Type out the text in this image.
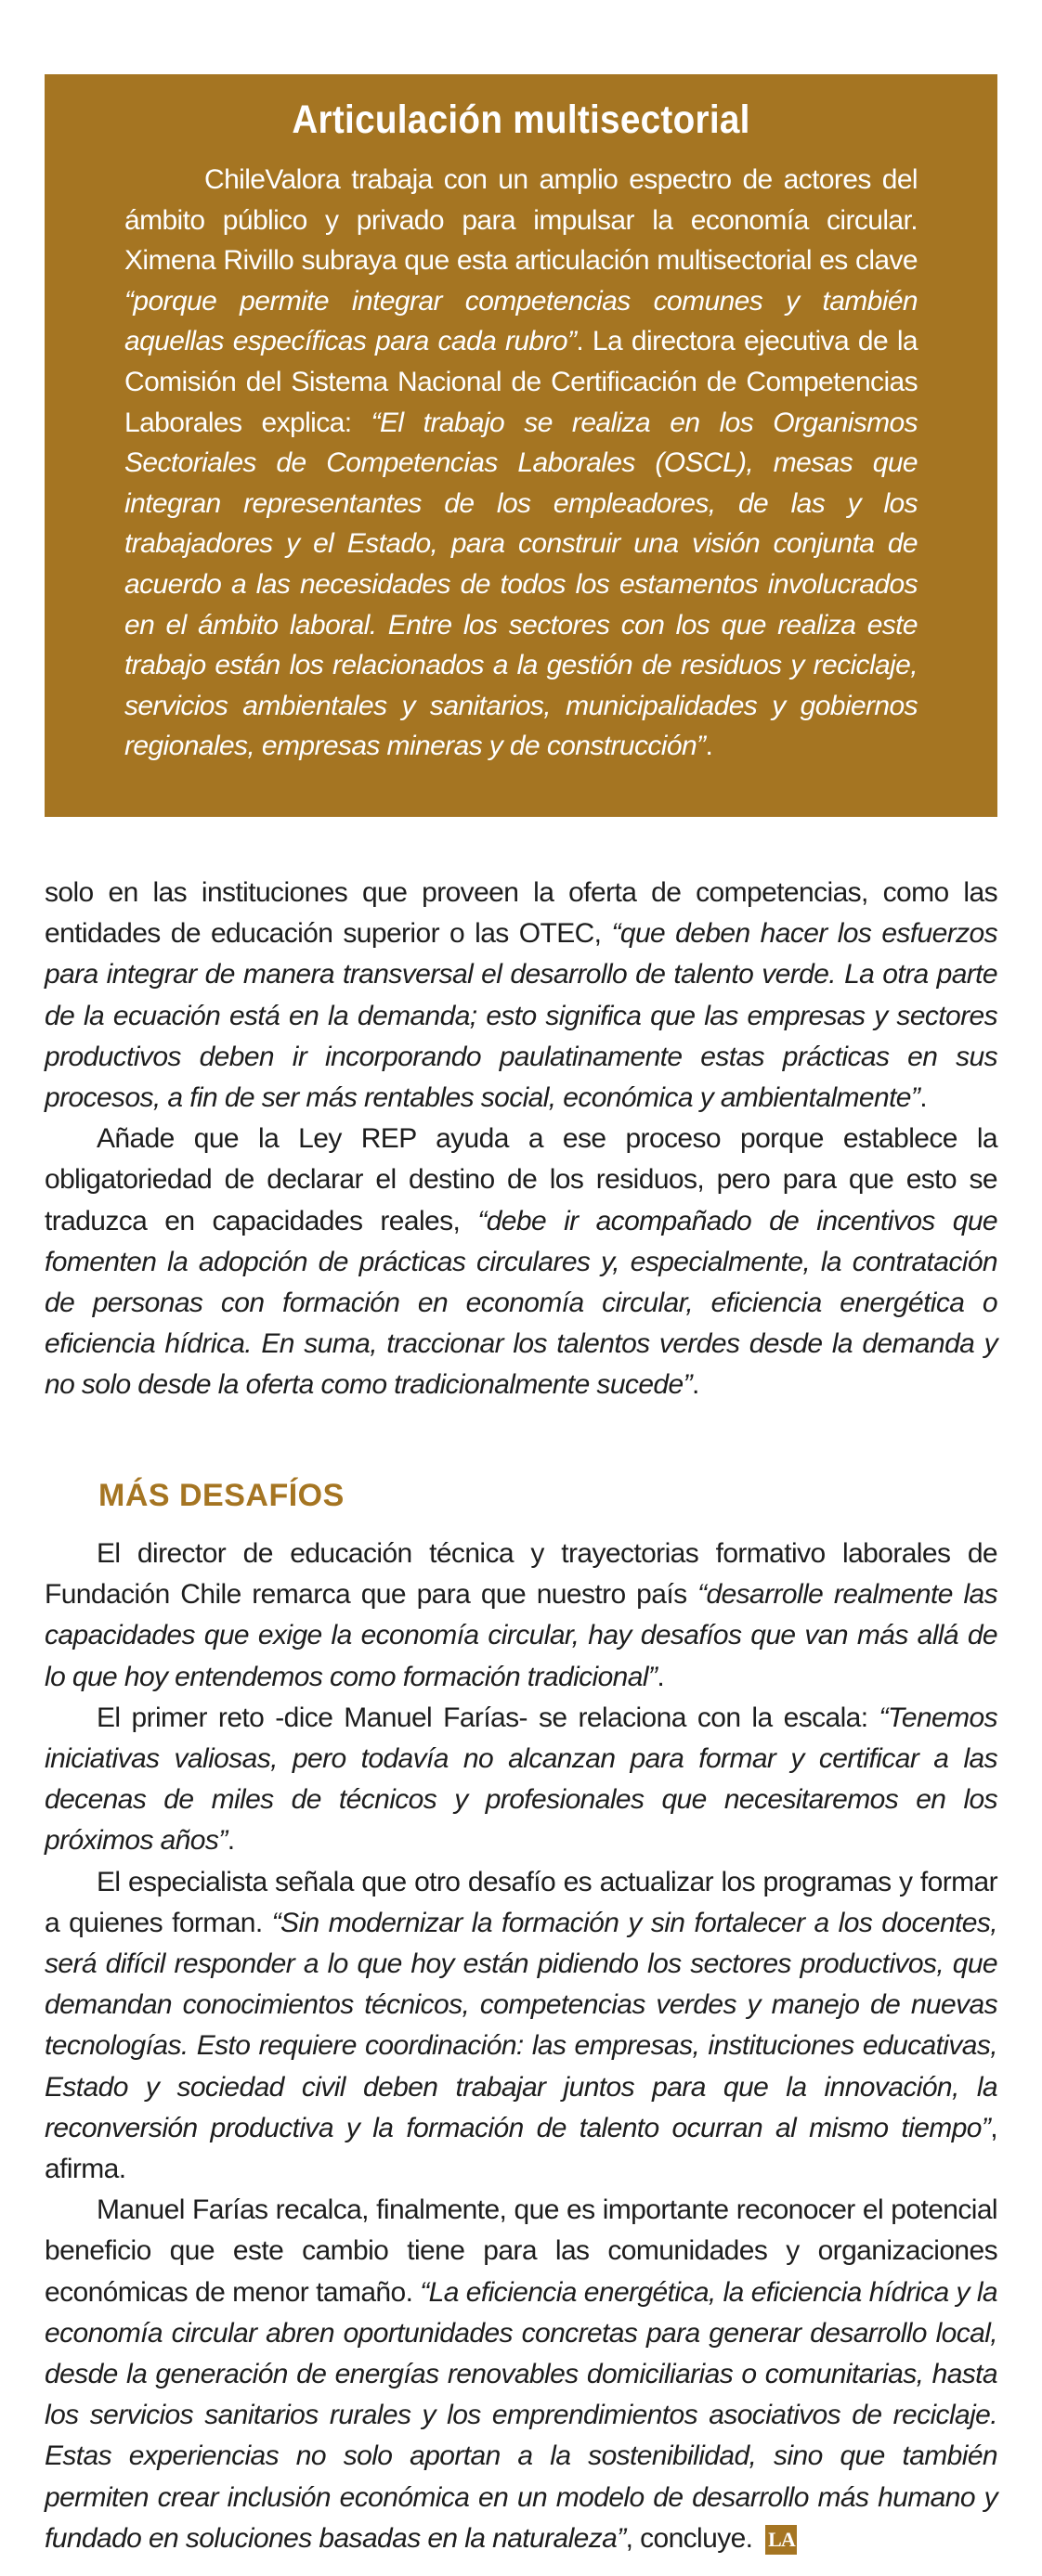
Articulación multisectorial

ChileValora trabaja con un amplio espectro de actores del ámbito público y privado para impulsar la economía circular. Ximena Rivillo subraya que esta articulación multisectorial es clave “porque permite integrar competencias comunes y también aquellas específicas para cada rubro”. La directora ejecutiva de la Comisión del Sistema Nacional de Certificación de Competencias Laborales explica: “El trabajo se realiza en los Organismos Sectoriales de Competencias Laborales (OSCL), mesas que integran representantes de los empleadores, de las y los trabajadores y el Estado, para construir una visión conjunta de acuerdo a las necesidades de todos los estamentos involucrados en el ámbito laboral. Entre los sectores con los que realiza este trabajo están los relacionados a la gestión de residuos y reciclaje, servicios ambientales y sanitarios, municipalidades y gobiernos regionales, empresas mineras y de construcción”.

solo en las instituciones que proveen la oferta de competencias, como las entidades de educación superior o las OTEC, “que deben hacer los esfuerzos para integrar de manera transversal el desarrollo de talento verde. La otra parte de la ecuación está en la demanda; esto significa que las empresas y sectores productivos deben ir incorporando paulatinamente estas prácticas en sus procesos, a fin de ser más rentables social, económica y ambientalmente”.

Añade que la Ley REP ayuda a ese proceso porque establece la obligatoriedad de declarar el destino de los residuos, pero para que esto se traduzca en capacidades reales, “debe ir acompañado de incentivos que fomenten la adopción de prácticas circulares y, especialmente, la contratación de personas con formación en economía circular, eficiencia energética o eficiencia hídrica. En suma, traccionar los talentos verdes desde la demanda y no solo desde la oferta como tradicionalmente sucede”.

MÁS DESAFÍOS

El director de educación técnica y trayectorias formativo laborales de Fundación Chile remarca que para que nuestro país “desarrolle realmente las capacidades que exige la economía circular, hay desafíos que van más allá de lo que hoy entendemos como formación tradicional”.

El primer reto -dice Manuel Farías- se relaciona con la escala: “Tenemos iniciativas valiosas, pero todavía no alcanzan para formar y certificar a las decenas de miles de técnicos y profesionales que necesitaremos en los próximos años”.

El especialista señala que otro desafío es actualizar los programas y formar a quienes forman. “Sin modernizar la formación y sin fortalecer a los docentes, será difícil responder a lo que hoy están pidiendo los sectores productivos, que demandan conocimientos técnicos, competencias verdes y manejo de nuevas tecnologías. Esto requiere coordinación: las empresas, instituciones educativas, Estado y sociedad civil deben trabajar juntos para que la innovación, la reconversión productiva y la formación de talento ocurran al mismo tiempo”, afirma.

Manuel Farías recalca, finalmente, que es importante reconocer el potencial beneficio que este cambio tiene para las comunidades y organizaciones económicas de menor tamaño. “La eficiencia energética, la eficiencia hídrica y la economía circular abren oportunidades concretas para generar desarrollo local, desde la generación de energías renovables domiciliarias o comunitarias, hasta los servicios sanitarios rurales y los emprendimientos asociativos de reciclaje. Estas experiencias no solo aportan a la sostenibilidad, sino que también permiten crear inclusión económica en un modelo de desarrollo más humano y fundado en soluciones basadas en la naturaleza”, concluye. LA
